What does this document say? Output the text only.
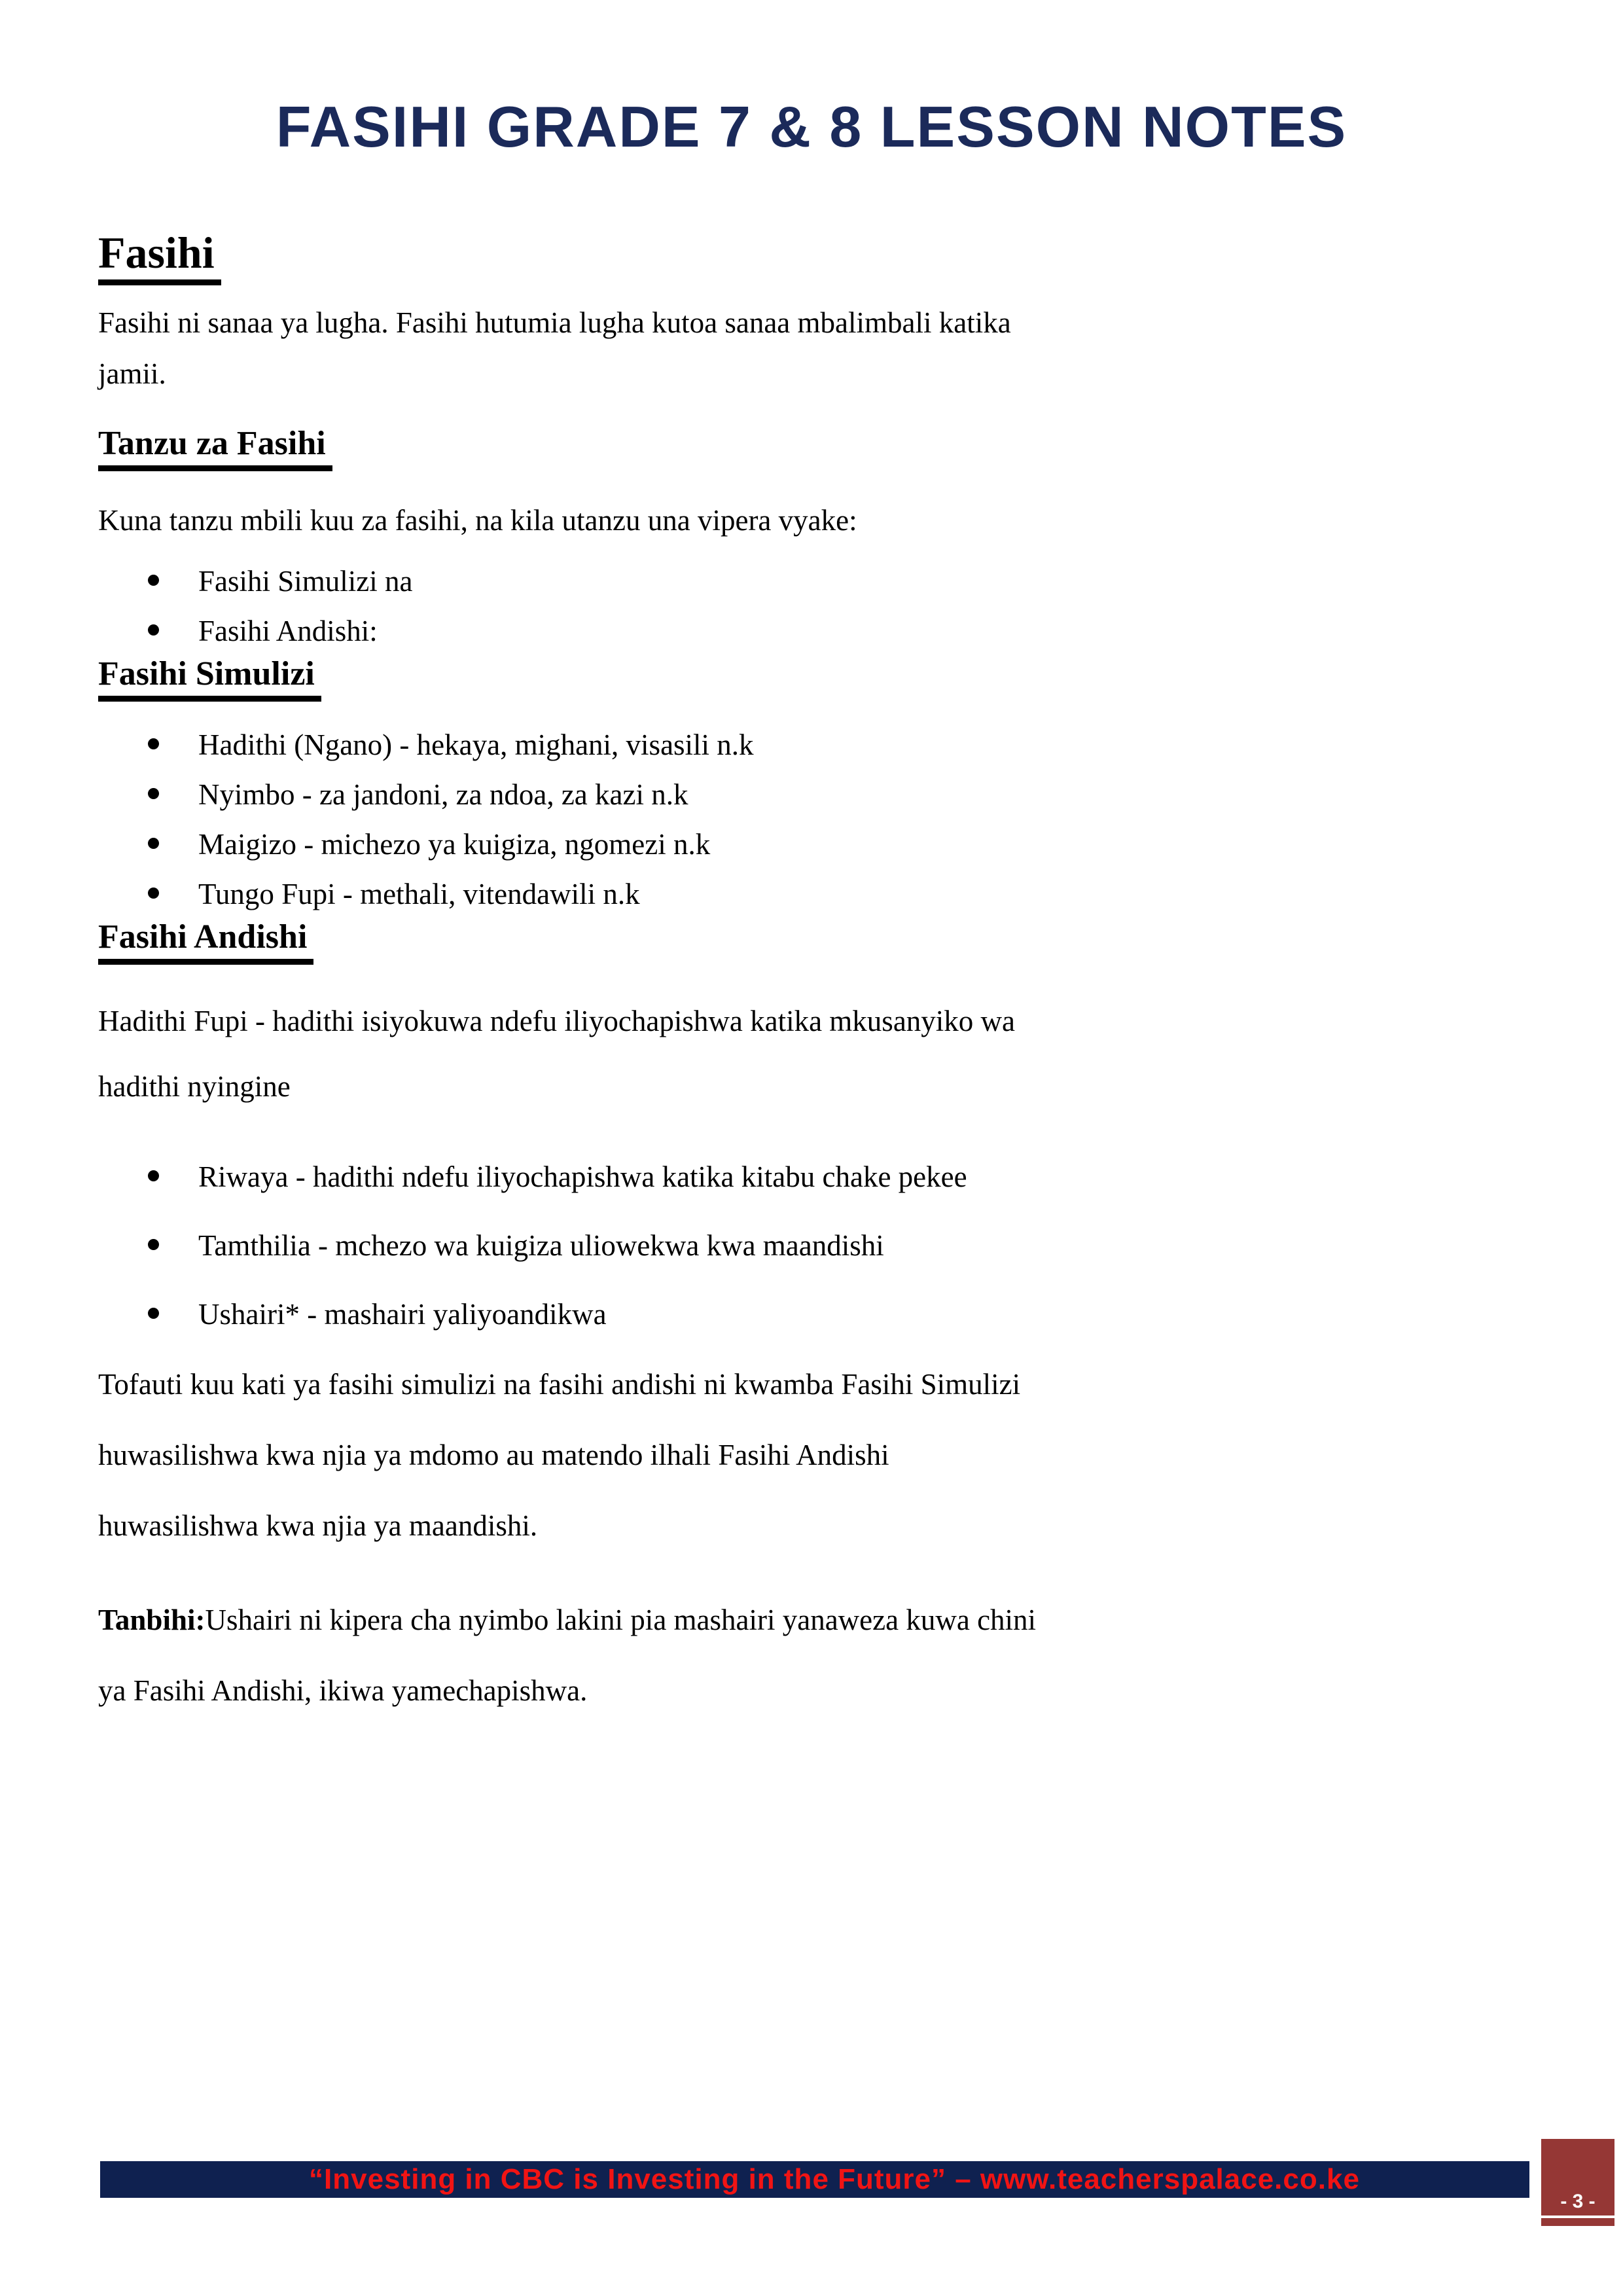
FASIHI GRADE 7 & 8 LESSON NOTES
Fasihi

Fasihi ni sanaa ya lugha. Fasihi hutumia lugha kutoa sanaa mbalimbali katika
jamii.

Tanzu za Fasihi

Kuna tanzu mbili kuu za fasihi, na kila utanzu una vipera vyake:

Fasihi Simulizi na
Fasihi Andishi:
Fasihi Simulizi
Hadithi (Ngano) - hekaya, mighani, visasili n.k
Nyimbo - za jandoni, za ndoa, za kazi n.k
Maigizo - michezo ya kuigiza, ngomezi n.k
Tungo Fupi - methali, vitendawili n.k
Fasihi Andishi

Hadithi Fupi - hadithi isiyokuwa ndefu iliyochapishwa katika mkusanyiko wa
hadithi nyingine

Riwaya - hadithi ndefu iliyochapishwa katika kitabu chake pekee
Tamthilia - mchezo wa kuigiza uliowekwa kwa maandishi
Ushairi* - mashairi yaliyoandikwa

Tofauti kuu kati ya fasihi simulizi na fasihi andishi ni kwamba Fasihi Simulizi
huwasilishwa kwa njia ya mdomo au matendo ilhali Fasihi Andishi
huwasilishwa kwa njia ya maandishi.

Tanbihi:Ushairi ni kipera cha nyimbo lakini pia mashairi yanaweza kuwa chini
ya Fasihi Andishi, ikiwa yamechapishwa.

“Investing in CBC is Investing in the Future” – www.teacherspalace.co.ke
- 3 -
